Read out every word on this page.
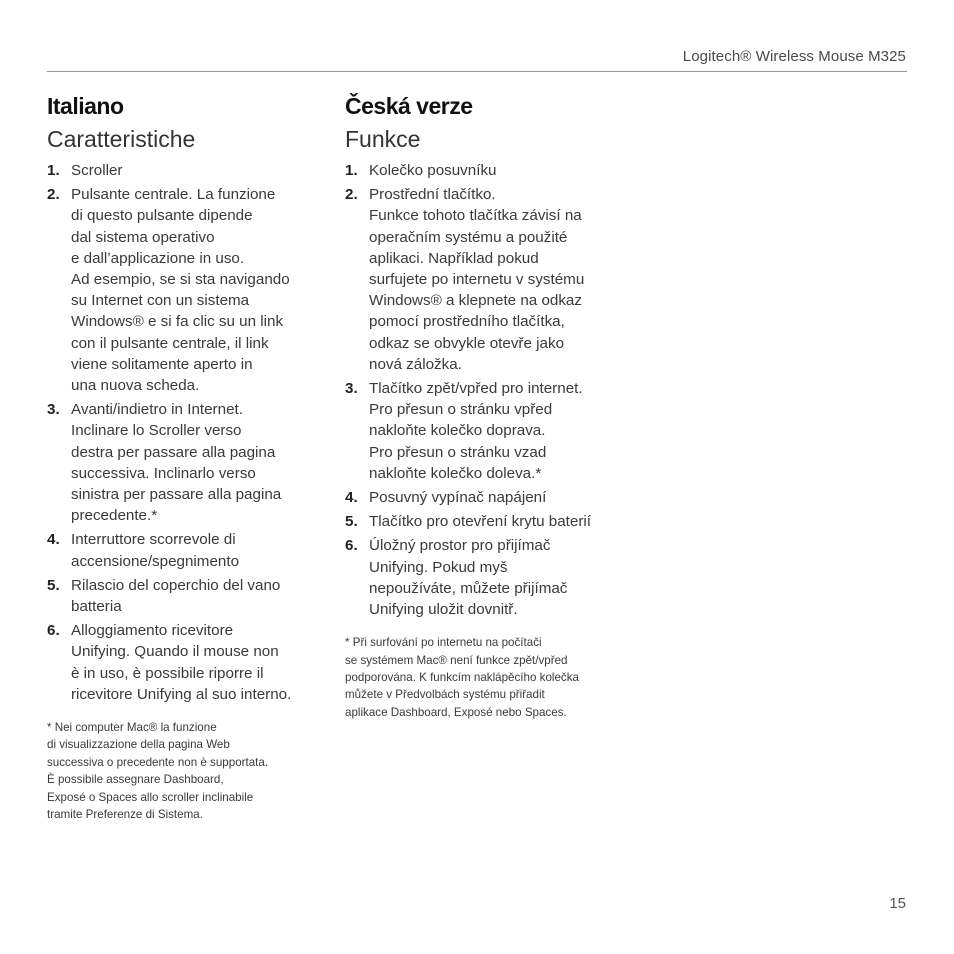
Logitech® Wireless Mouse M325
Italiano
Caratteristiche
1. Scroller
2. Pulsante centrale. La funzione
di questo pulsante dipende
dal sistema operativo
e dall’applicazione in uso.
Ad esempio, se si sta navigando
su Internet con un sistema
Windows® e si fa clic su un link
con il pulsante centrale, il link
viene solitamente aperto in
una nuova scheda.
3. Avanti/indietro in Internet.
Inclinare lo Scroller verso
destra per passare alla pagina
successiva. Inclinarlo verso
sinistra per passare alla pagina
precedente.*
4. Interruttore scorrevole di
accensione/spegnimento
5. Rilascio del coperchio del vano
batteria
6. Alloggiamento ricevitore
Unifying. Quando il mouse non
è in uso, è possibile riporre il
ricevitore Unifying al suo interno.
* Nei computer Mac® la funzione
di visualizzazione della pagina Web
successiva o precedente non è supportata.
È possibile assegnare Dashboard,
Exposé o Spaces allo scroller inclinabile
tramite Preferenze di Sistema.
Česká verze
Funkce
1. Kolečko posuvníku
2. Prostřední tlačítko.
Funkce tohoto tlačítka závisí na
operačním systému a použité
aplikaci. Například pokud
surfujete po internetu v systému
Windows® a klepnete na odkaz
pomocí prostředního tlačítka,
odkaz se obvykle otevře jako
nová záložka.
3. Tlačítko zpět/vpřed pro internet.
Pro přesun o stránku vpřed
nakloňte kolečko doprava.
Pro přesun o stránku vzad
nakloňte kolečko doleva.*
4. Posuvný vypínač napájení
5. Tlačítko pro otevření krytu baterií
6. Úložný prostor pro přijímač
Unifying. Pokud myš
nepoužíváte, můžete přijímač
Unifying uložit dovnitř.
* Při surfování po internetu na počítači
se systémem Mac® není funkce zpět/vpřed
podporována. K funkcím naklápěcího kolečka
můžete v Předvolbách systému přiřadit
aplikace Dashboard, Exposé nebo Spaces.
15
